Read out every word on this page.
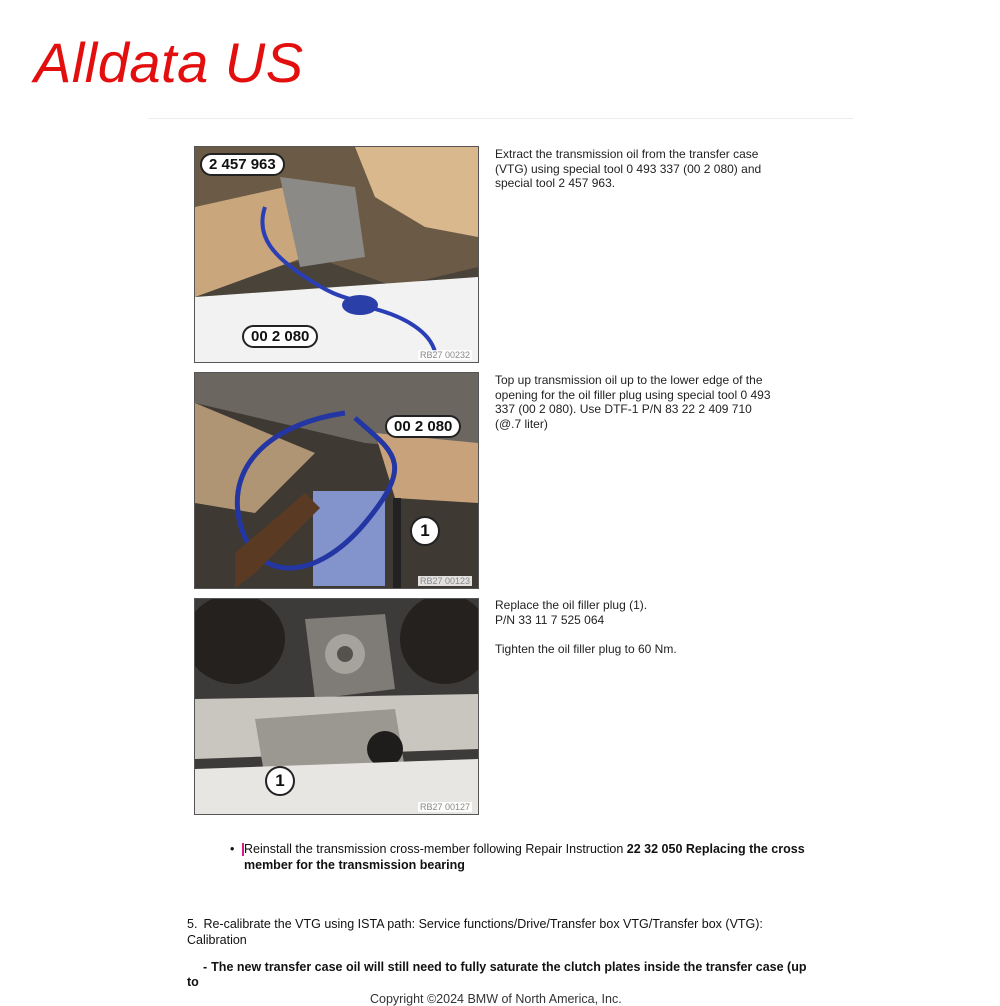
Alldata US
2 457 963
00 2 080
RB27 00232

Extract the transmission oil from the transfer case (VTG) using special tool 0 493 337 (00 2 080) and special tool 2 457 963.

00 2 080
1
RB27 00123

Top up transmission oil up to the lower edge of the opening for the oil filler plug using special tool 0 493 337 (00 2 080). Use DTF-1 P/N 83 22 2 409 710 (@.7 liter)

1
RB27 00127

Replace the oil filler plug (1).

P/N 33 11 7 525 064

Tighten the oil filler plug to 60 Nm.

• Reinstall the transmission cross-member following Repair Instruction 22 32 050 Replacing the cross member for the transmission bearing
5. Re-calibrate the VTG using ISTA path: Service functions/Drive/Transfer box VTG/Transfer box (VTG): Calibration
- The new transfer case oil will still need to fully saturate the clutch plates inside the transfer case (up to
Copyright ©2024 BMW of North America, Inc.
